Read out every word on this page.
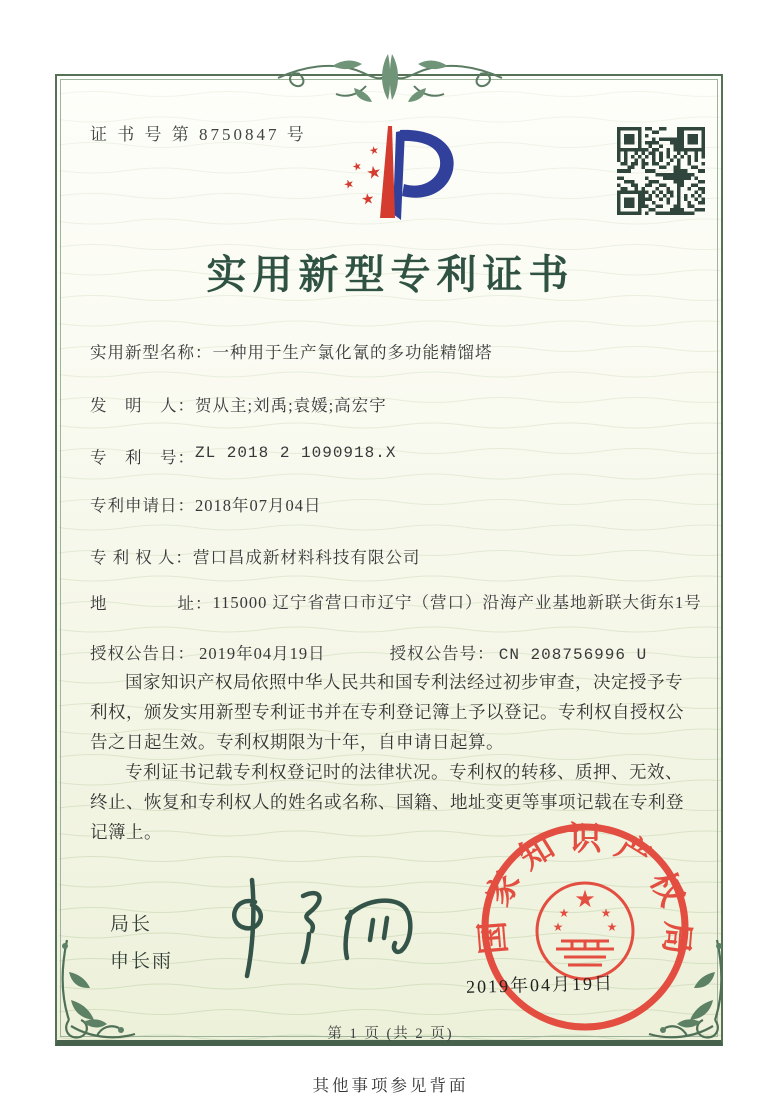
证 书 号 第 8750847 号
★
★ ★
★
★
实用新型专利证书
实用新型名称： 一种用于生产氯化氰的多功能精馏塔
发　明　人： 贺从主;刘禹;袁媛;高宏宇
专　利　号： ZL 2018 2 1090918.X
专利申请日： 2018年07月04日
专 利 权 人： 营口昌成新材料科技有限公司
地　　　　址： 115000 辽宁省营口市辽宁（营口）沿海产业基地新联大街东1号
授权公告日： 2019年04月19日	授权公告号： CN 208756996 U

国家知识产权局依照中华人民共和国专利法经过初步审查，决定授予专利权，颁发实用新型专利证书并在专利登记簿上予以登记。专利权自授权公告之日起生效。专利权期限为十年，自申请日起算。

专利证书记载专利权登记时的法律状况。专利权的转移、质押、无效、终止、恢复和专利权人的姓名或名称、国籍、地址变更等事项记载在专利登记簿上。

局长
申长雨
国家知识产权局
★
★	★
★	★
2019年04月19日
第 1 页 (共 2 页)
其他事项参见背面
